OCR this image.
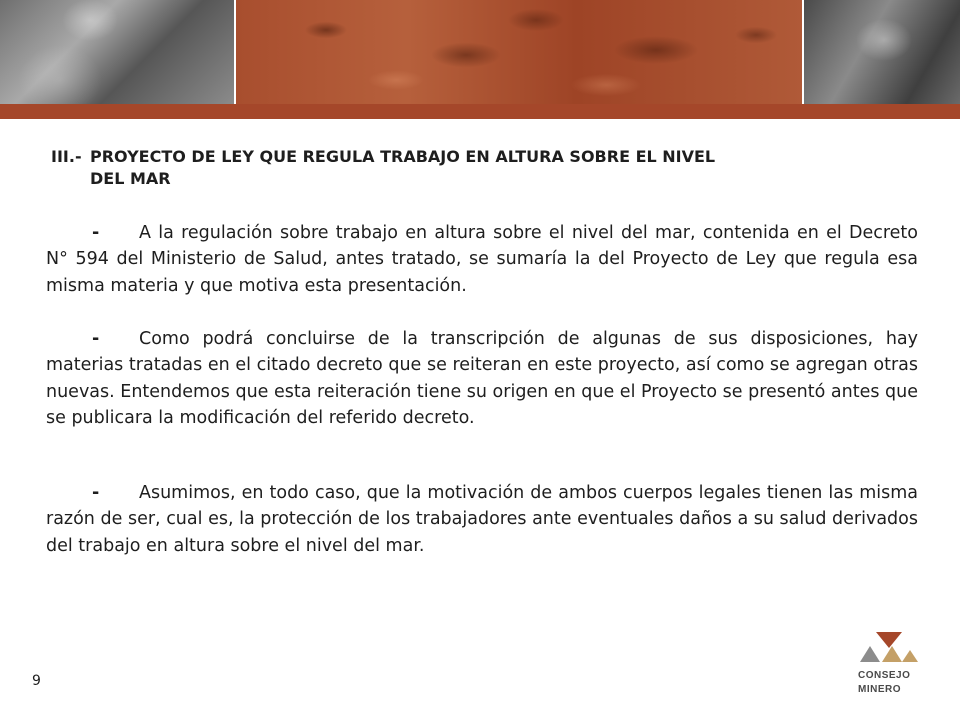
III.- PROYECTO DE LEY QUE REGULA TRABAJO EN ALTURA SOBRE EL NIVEL
DEL MAR

- A la regulación sobre trabajo en altura sobre el nivel del mar, contenida en el Decreto N° 594 del Ministerio de Salud, antes tratado, se sumaría la del Proyecto de Ley que regula esa misma materia y que motiva esta presentación.

- Como podrá concluirse de la transcripción de algunas de sus disposiciones, hay materias tratadas en el citado decreto que se reiteran en este proyecto, así como se agregan otras nuevas. Entendemos que esta reiteración tiene su origen en que el Proyecto se presentó antes que se publicara la modificación del referido decreto.

- Asumimos, en todo caso, que la motivación de ambos cuerpos legales tienen las misma razón de ser, cual es, la protección de los trabajadores ante eventuales daños a su salud derivados del trabajo en altura sobre el nivel del mar.

9	CONSEJO
MINERO
